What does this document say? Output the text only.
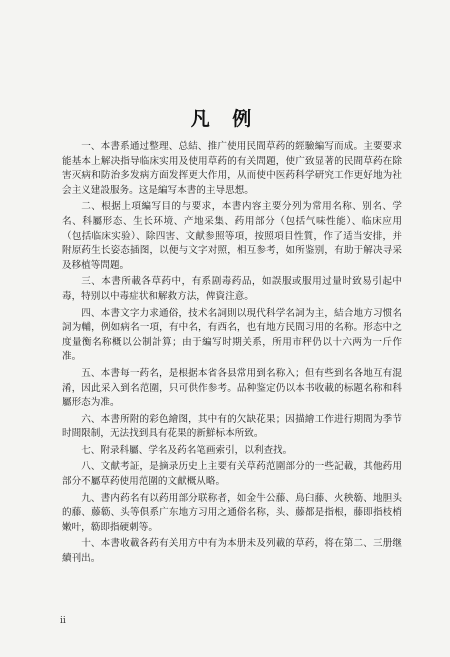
凡 例

一、本書系通过整理、总結、推广使用民間草药的經驗編写而成。主要要求能基本上解决指导临床实用及使用草药的有关問題，使广致显著的民間草药在除害灭病和防治多发病方面发挥更大作用，从而使中医药科学研究工作更好地为社会主义建設服务。这是編写本書的主导思想。

二、根据上項編写目的与要求，本書内容主要分列为常用名称、别名、学名、科屬形态、生长环境、产地采集、药用部分（包括气味性能）、临床应用（包括临床实验）、除四害、文献参照等項，按照項目性質，作了适当安排，并附原药生长姿态插图，以便与文字对照，相互参考，如所鉴别，有助于解决寻采及移植等問題。

三、本書所載各草药中，有系剧毒药品，如誤服或服用过量时致易引起中毒，特别以中毒症状和解救方法，俾資注意。

四、本書文字力求通俗，技术名詞則以現代科学名詞为主，結合地方习惯名詞为輔，例如病名一項，有中名，有西名，也有地方民間习用的名称。形态中之度量衡名称概以公制計算；由于編写时期关系，所用市秤仍以十六两为一斤作准。

五、本書每一药名，是根据本省各县常用到名称入；但有些到名各地互有混淆，因此采入到名范圍，只可供作参考。品种鉴定仍以本书收載的标題名称和科屬形态为准。

六、本書所附的彩色繪图，其中有的欠缺花果；因描繪工作进行期間为季节时間限制，无法找到具有花果的新鮮标本所致。

七、附录科屬、学名及药名笔画索引，以利查找。

八、文献考証，是摘录历史上主要有关草药范圍部分的一些記載，其他药用部分不屬草药使用范圍的文献概从略。

九、書内药名有以药用部分联称者，如金牛公藤、鳥臼藤、火秧簕、地胆头的藤、藤簕、头等俱系广东地方习用之通俗名称，头、藤都是指根，藤即指枝梢嫩叶，簕即指硬刺等。

十、本書收載各药有关用方中有为本册未及列載的草药，将在第二、三册继續刊出。

ii
